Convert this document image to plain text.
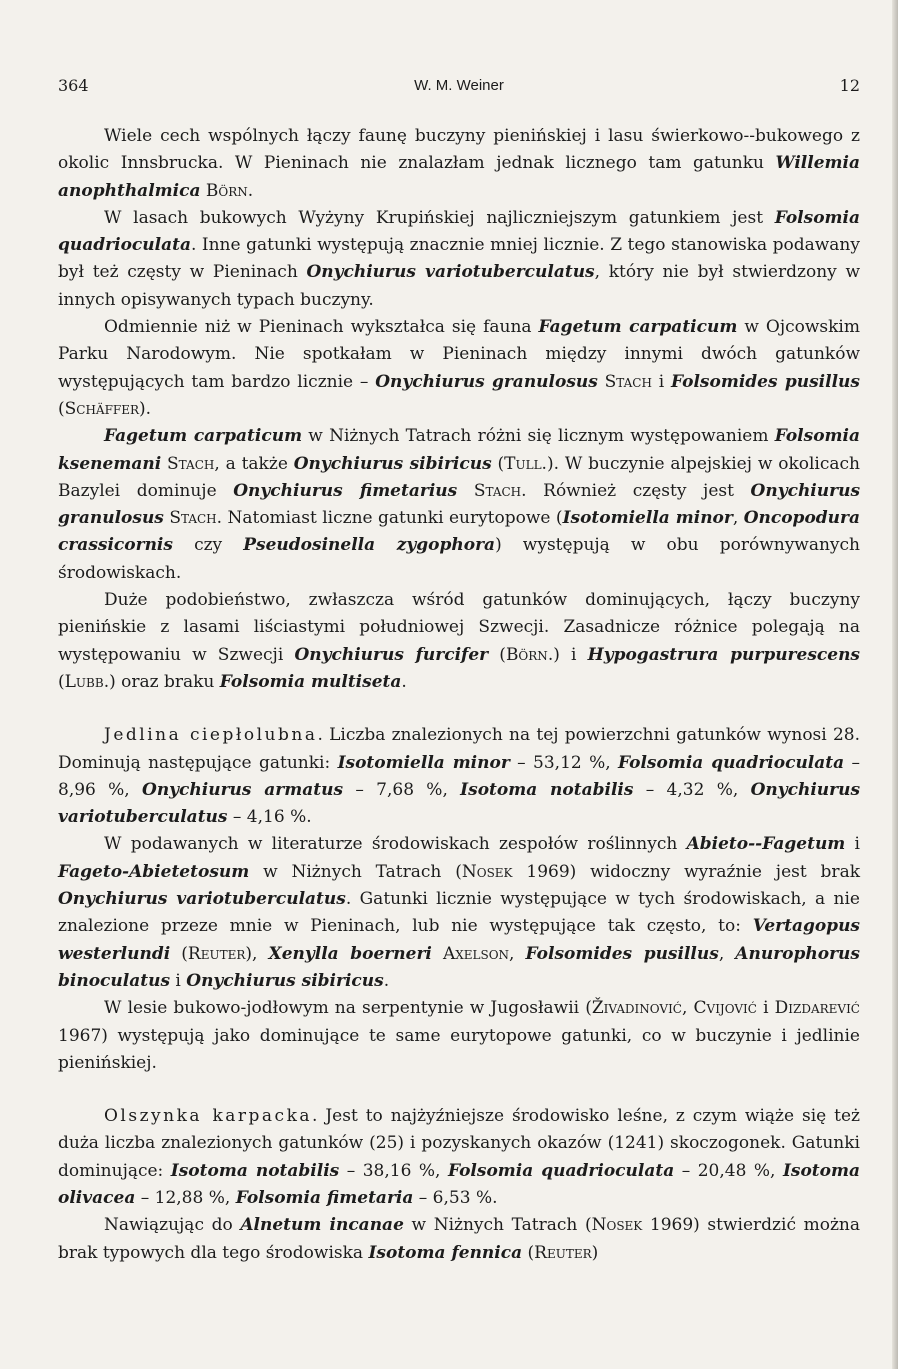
364	W. M. Weiner	12

Wiele cech wspólnych łączy faunę buczyny pienińskiej i lasu świerkowo--bukowego z okolic Innsbrucka. W Pieninach nie znalazłam jednak licznego tam gatunku Willemia anophthalmica Börn.

W lasach bukowych Wyżyny Krupińskiej najliczniejszym gatunkiem jest Folsomia quadrioculata. Inne gatunki występują znacznie mniej licznie. Z tego stanowiska podawany był też częsty w Pieninach Onychiurus variotuberculatus, który nie był stwierdzony w innych opisywanych typach buczyny.

Odmiennie niż w Pieninach wykształca się fauna Fagetum carpaticum w Ojcowskim Parku Narodowym. Nie spotkałam w Pieninach między innymi dwóch gatunków występujących tam bardzo licznie – Onychiurus granulosus Stach i Folsomides pusillus (Schäffer).

Fagetum carpaticum w Niżnych Tatrach różni się licznym występowaniem Folsomia ksenemani Stach, a także Onychiurus sibiricus (Tull.). W buczynie alpejskiej w okolicach Bazylei dominuje Onychiurus fimetarius Stach. Również częsty jest Onychiurus granulosus Stach. Natomiast liczne gatunki eurytopowe (Isotomiella minor, Oncopodura crassicornis czy Pseudosinella zygophora) występują w obu porównywanych środowiskach.

Duże podobieństwo, zwłaszcza wśród gatunków dominujących, łączy buczyny pienińskie z lasami liściastymi południowej Szwecji. Zasadnicze różnice polegają na występowaniu w Szwecji Onychiurus furcifer (Börn.) i Hypogastrura purpurescens (Lubb.) oraz braku Folsomia multiseta.

Jedlina ciepłolubna. Liczba znalezionych na tej powierzchni gatunków wynosi 28. Dominują następujące gatunki: Isotomiella minor – 53,12 %, Folsomia quadrioculata – 8,96 %, Onychiurus armatus – 7,68 %, Isotoma notabilis – 4,32 %, Onychiurus variotuberculatus – 4,16 %.

W podawanych w literaturze środowiskach zespołów roślinnych Abieto--Fagetum i Fageto-Abietetosum w Niżnych Tatrach (Nosek 1969) widoczny wyraźnie jest brak Onychiurus variotuberculatus. Gatunki licznie występujące w tych środowiskach, a nie znalezione przeze mnie w Pieninach, lub nie występujące tak często, to: Vertagopus westerlundi (Reuter), Xenylla boerneri Axelson, Folsomides pusillus, Anurophorus binoculatus i Onychiurus sibiricus.

W lesie bukowo-jodłowym na serpentynie w Jugosławii (Živadinović, Cvijović i Dizdarević 1967) występują jako dominujące te same eurytopowe gatunki, co w buczynie i jedlinie pienińskiej.

Olszynka karpacka. Jest to najżyźniejsze środowisko leśne, z czym wiąże się też duża liczba znalezionych gatunków (25) i pozyskanych okazów (1241) skoczogonek. Gatunki dominujące: Isotoma notabilis – 38,16 %, Folsomia quadrioculata – 20,48 %, Isotoma olivacea – 12,88 %, Folsomia fimetaria – 6,53 %.

Nawiązując do Alnetum incanae w Niżnych Tatrach (Nosek 1969) stwierdzić można brak typowych dla tego środowiska Isotoma fennica (Reuter)
